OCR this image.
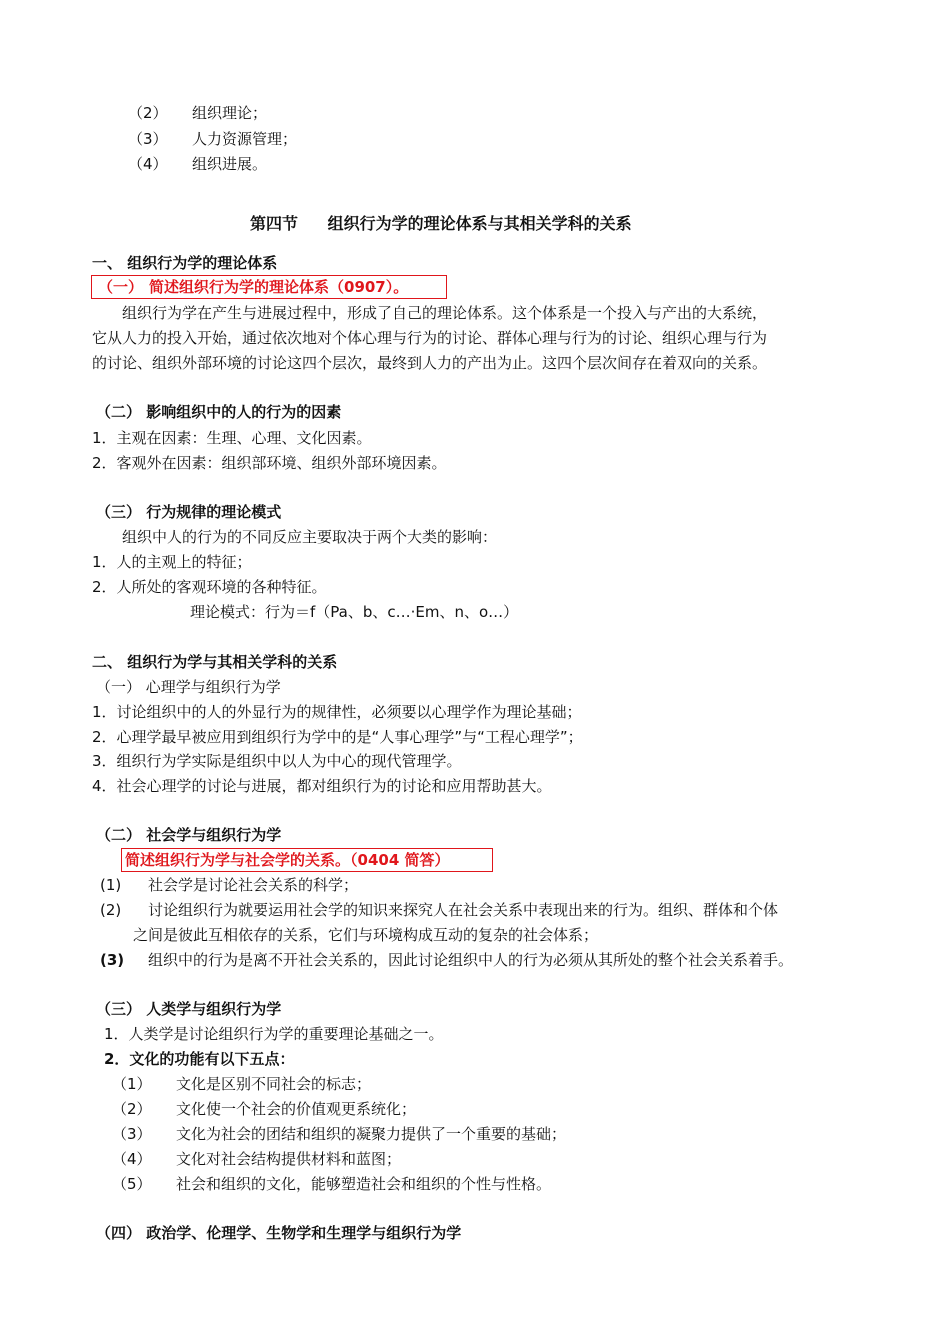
（2） 组织理论；
（3） 人力资源管理；
（4） 组织进展。
第四节 组织行为学的理论体系与其相关学科的关系
一、 组织行为学的理论体系
（一） 简述组织行为学的理论体系（0907）。
组织行为学在产生与进展过程中，形成了自己的理论体系。这个体系是一个投入与产出的大系统，
它从人力的投入开始，通过依次地对个体心理与行为的讨论、群体心理与行为的讨论、组织心理与行为
的讨论、组织外部环境的讨论这四个层次，最终到人力的产出为止。这四个层次间存在着双向的关系。
（二） 影响组织中的人的行为的因素
1．主观在因素：生理、心理、文化因素。
2．客观外在因素：组织部环境、组织外部环境因素。
（三） 行为规律的理论模式
组织中人的行为的不同反应主要取决于两个大类的影响：
1．人的主观上的特征；
2．人所处的客观环境的各种特征。
理论模式：行为＝f（Pa、b、c…·Em、n、o…）
二、 组织行为学与其相关学科的关系
（一） 心理学与组织行为学
1．讨论组织中的人的外显行为的规律性，必须要以心理学作为理论基础；
2．心理学最早被应用到组织行为学中的是“人事心理学”与“工程心理学”；
3．组织行为学实际是组织中以人为中心的现代管理学。
4．社会心理学的讨论与进展，都对组织行为的讨论和应用帮助甚大。
（二） 社会学与组织行为学
简述组织行为学与社会学的关系。（0404 简答）
(1) 社会学是讨论社会关系的科学；
(2) 讨论组织行为就要运用社会学的知识来探究人在社会关系中表现出来的行为。组织、群体和个体
之间是彼此互相依存的关系，它们与环境构成互动的复杂的社会体系；
(3) 组织中的行为是离不开社会关系的，因此讨论组织中人的行为必须从其所处的整个社会关系着手。
（三） 人类学与组织行为学
1．人类学是讨论组织行为学的重要理论基础之一。
2．文化的功能有以下五点：
（1） 文化是区别不同社会的标志；
（2） 文化使一个社会的价值观更系统化；
（3） 文化为社会的团结和组织的凝聚力提供了一个重要的基础；
（4） 文化对社会结构提供材料和蓝图；
（5） 社会和组织的文化，能够塑造社会和组织的个性与性格。
（四） 政治学、伦理学、生物学和生理学与组织行为学
